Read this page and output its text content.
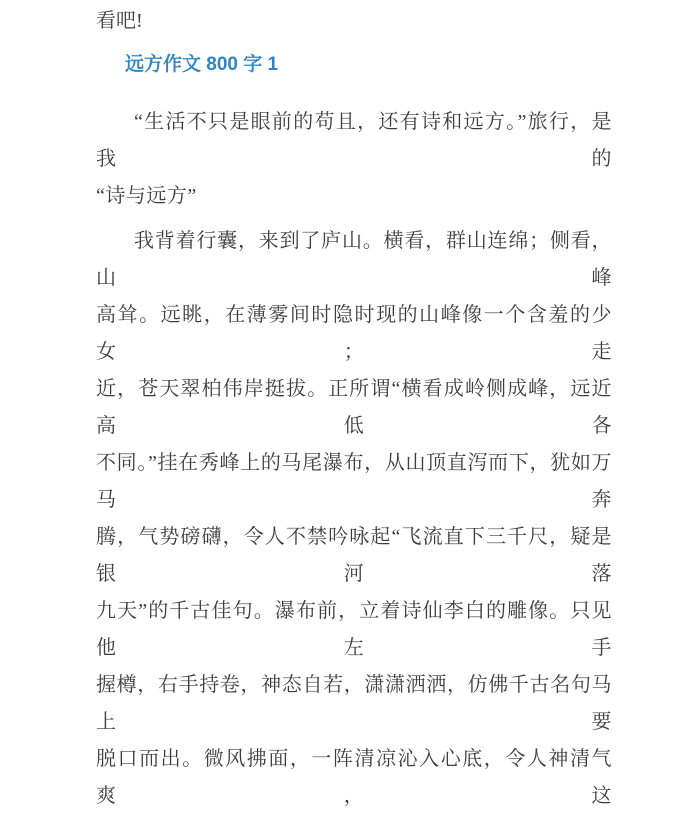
看吧!
远方作文 800 字 1
“生活不只是眼前的苟且，还有诗和远方。”旅行，是我的
“诗与远方”
我背着行囊，来到了庐山。横看，群山连绵；侧看，山峰
高耸。远眺，在薄雾间时隐时现的山峰像一个含羞的少女；走
近，苍天翠柏伟岸挺拔。正所谓“横看成岭侧成峰，远近高低各
不同。”挂在秀峰上的马尾瀑布，从山顶直泻而下，犹如万马奔
腾，气势磅礴，令人不禁吟咏起“飞流直下三千尺，疑是银河落
九天”的千古佳句。瀑布前，立着诗仙李白的雕像。只见他左手
握樽，右手持卷，神态自若，潇潇洒洒，仿佛千古名句马上要
脱口而出。微风拂面，一阵清凉沁入心底，令人神清气爽，这
